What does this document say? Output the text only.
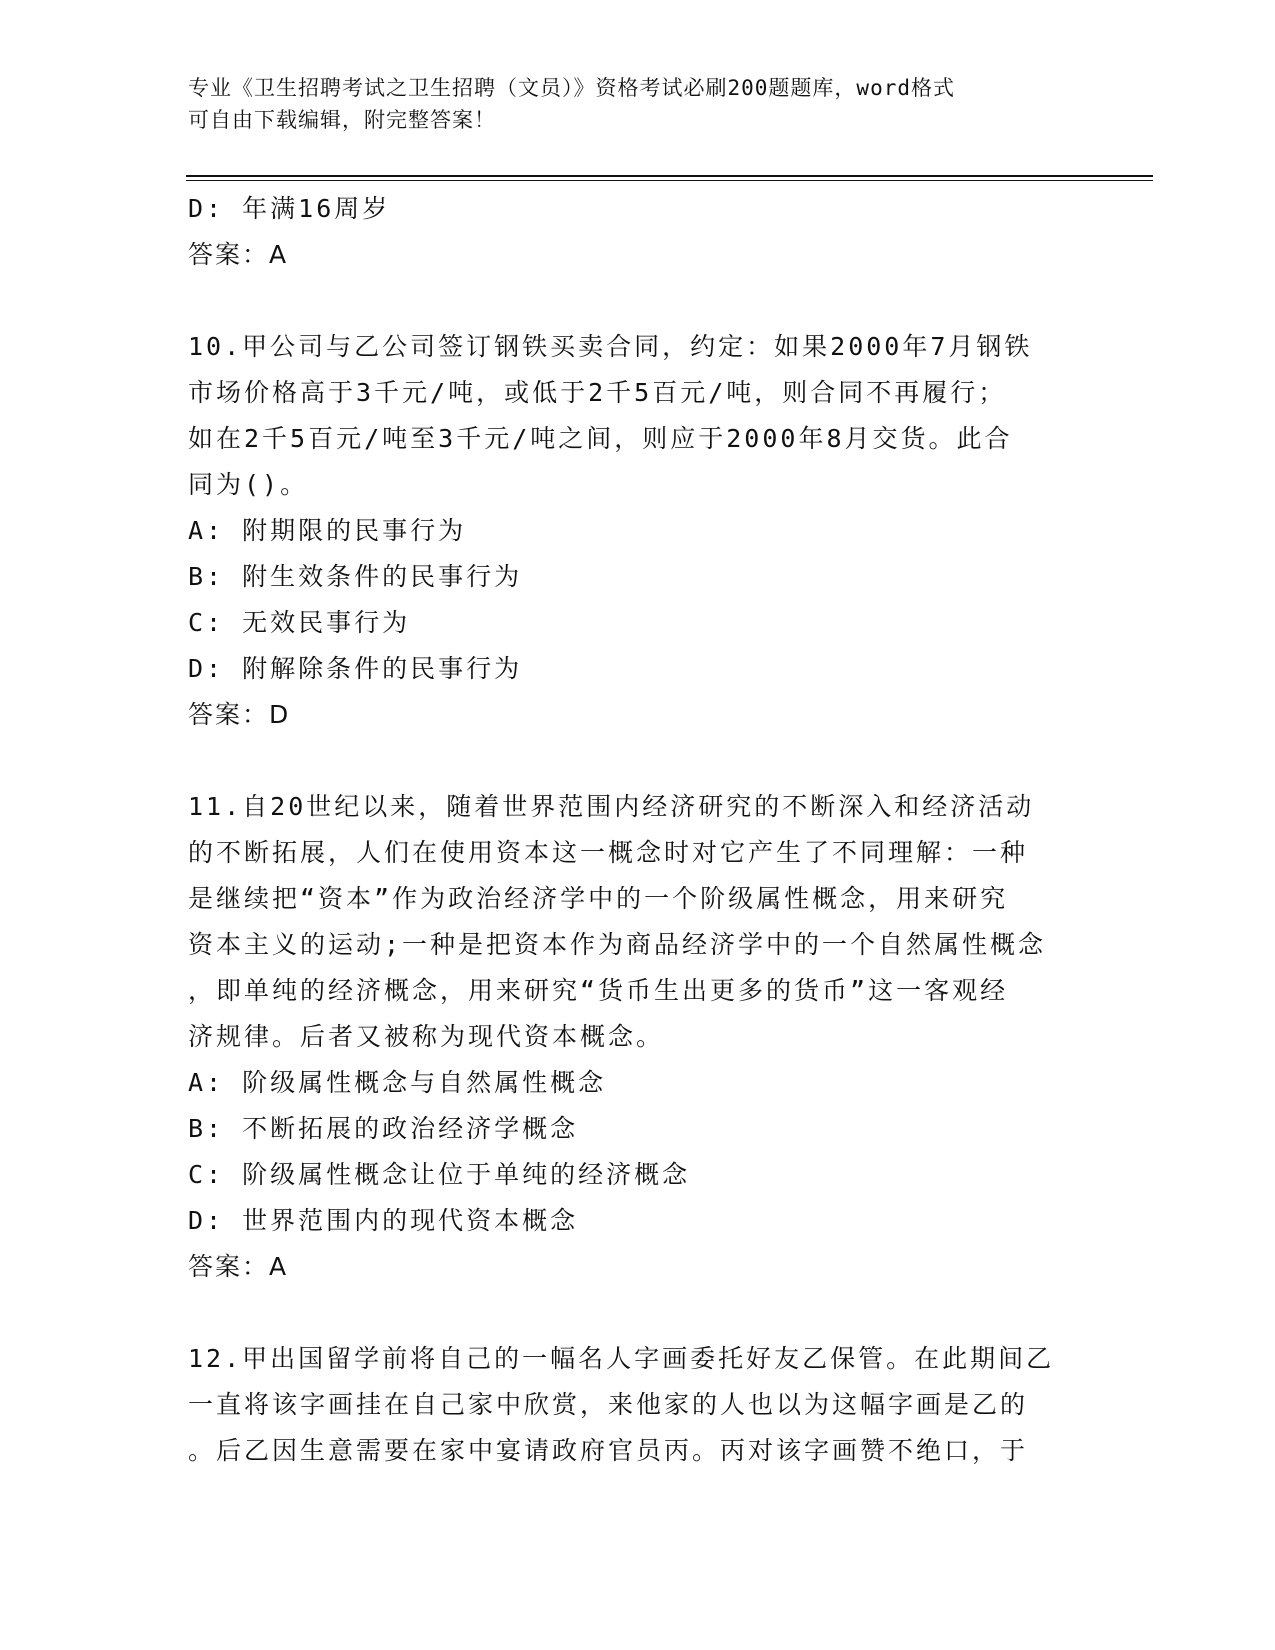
专业《卫生招聘考试之卫生招聘（文员）》资格考试必刷200题题库，word格式
可自由下载编辑，附完整答案！
D: 年满16周岁
答案：A
10.甲公司与乙公司签订钢铁买卖合同，约定：如果2000年7月钢铁
市场价格高于3千元/吨，或低于2千5百元/吨，则合同不再履行；
如在2千5百元/吨至3千元/吨之间，则应于2000年8月交货。此合
同为()。
A: 附期限的民事行为
B: 附生效条件的民事行为
C: 无效民事行为
D: 附解除条件的民事行为
答案：D
11.自20世纪以来，随着世界范围内经济研究的不断深入和经济活动
的不断拓展，人们在使用资本这一概念时对它产生了不同理解：一种
是继续把“资本”作为政治经济学中的一个阶级属性概念，用来研究
资本主义的运动;一种是把资本作为商品经济学中的一个自然属性概念
，即单纯的经济概念，用来研究“货币生出更多的货币”这一客观经
济规律。后者又被称为现代资本概念。
A: 阶级属性概念与自然属性概念
B: 不断拓展的政治经济学概念
C: 阶级属性概念让位于单纯的经济概念
D: 世界范围内的现代资本概念
答案：A
12.甲出国留学前将自己的一幅名人字画委托好友乙保管。在此期间乙
一直将该字画挂在自己家中欣赏，来他家的人也以为这幅字画是乙的
。后乙因生意需要在家中宴请政府官员丙。丙对该字画赞不绝口，于
